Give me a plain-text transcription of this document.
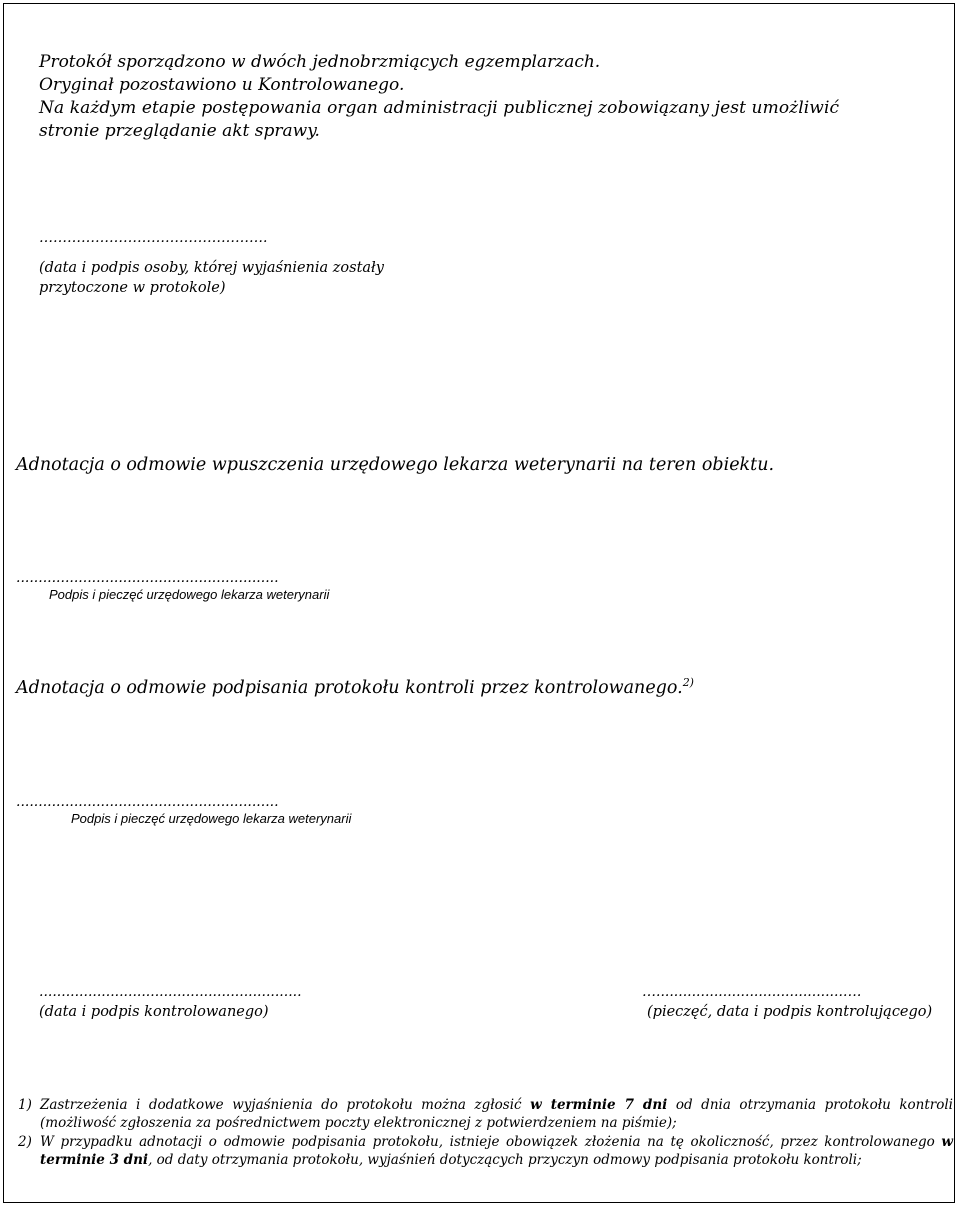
Protokół sporządzono w dwóch jednobrzmiących egzemplarzach.
Oryginał pozostawiono u Kontrolowanego.
Na każdym etapie postępowania organ administracji publicznej zobowiązany jest umożliwić
stronie przeglądanie akt sprawy.
………………………………………….
(data i podpis osoby, której wyjaśnienia zostały
przytoczone w protokole)
Adnotacja o odmowie wpuszczenia urzędowego lekarza weterynarii na teren obiektu.
...........................................................
Podpis i pieczęć urzędowego lekarza weterynarii
Adnotacja o odmowie podpisania protokołu kontroli przez kontrolowanego.$^{2)}$
...........................................................
Podpis i pieczęć urzędowego lekarza weterynarii
...........................................................
(data i podpis kontrolowanego)
…..........................................….
(pieczęć, data i podpis kontrolującego)
1) Zastrzeżenia i dodatkowe wyjaśnienia do protokołu można zgłosić w terminie 7 dni od dnia otrzymania protokołu kontroli (możliwość zgłoszenia za pośrednictwem poczty elektronicznej z potwierdzeniem na piśmie);
2) W przypadku adnotacji o odmowie podpisania protokołu, istnieje obowiązek złożenia na tę okoliczność, przez kontrolowanego w terminie 3 dni, od daty otrzymania protokołu, wyjaśnień dotyczących przyczyn odmowy podpisania protokołu kontroli;
